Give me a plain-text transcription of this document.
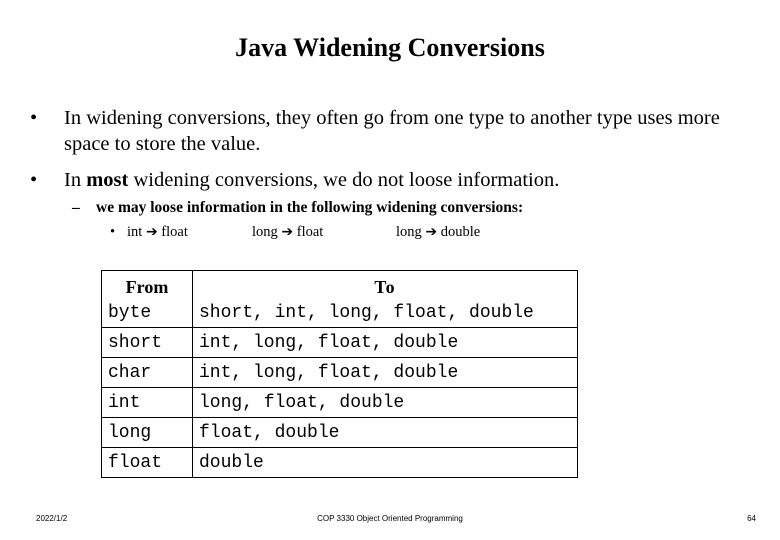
Java Widening Conversions
• In widening conversions, they often go from one type to another type uses more space to store the value.
• In most widening conversions, we do not loose information.
– we may loose information in the following widening conversions:
• int ➔ float	long ➔ float	long ➔ double
From	To

byte	short, int, long, float, double
short	int, long, float, double
char	int, long, float, double
int	long, float, double
long	float, double
float	double
2022/1/2	COP 3330 Object Oriented Programming	64
